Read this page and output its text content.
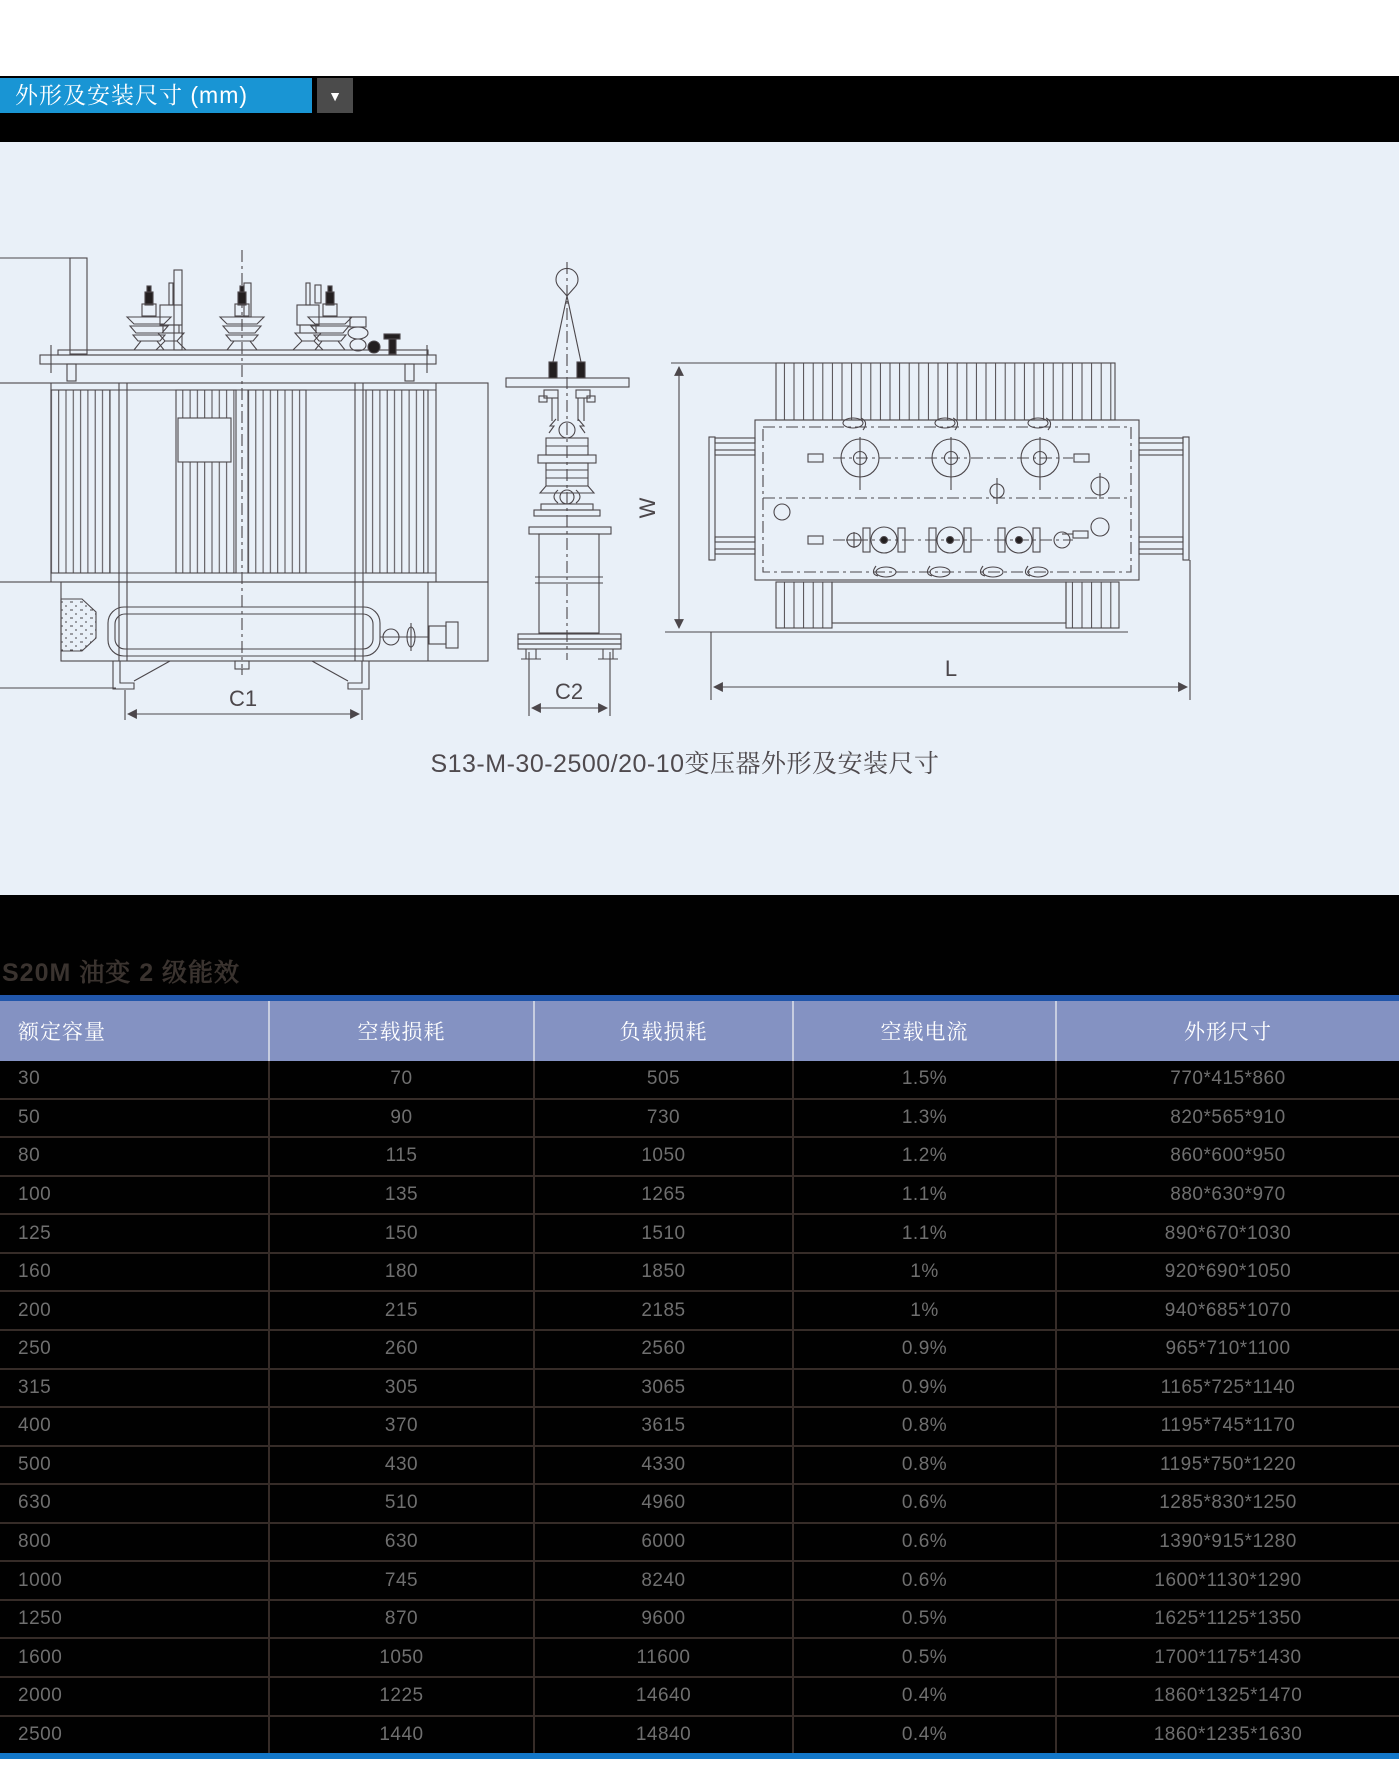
外形及安装尺寸 (mm)	▼
C1	C2
W
L
S13-M-30-2500/20-10变压器外形及安装尺寸
S20M 油变 2 级能效
额定容量	空载损耗	负载损耗	空载电流	外形尺寸
30	70	505	1.5%	770*415*860
50	90	730	1.3%	820*565*910
80	115	1050	1.2%	860*600*950
100	135	1265	1.1%	880*630*970
125	150	1510	1.1%	890*670*1030
160	180	1850	1%	920*690*1050
200	215	2185	1%	940*685*1070
250	260	2560	0.9%	965*710*1100
315	305	3065	0.9%	1165*725*1140
400	370	3615	0.8%	1195*745*1170
500	430	4330	0.8%	1195*750*1220
630	510	4960	0.6%	1285*830*1250
800	630	6000	0.6%	1390*915*1280
1000	745	8240	0.6%	1600*1130*1290
1250	870	9600	0.5%	1625*1125*1350
1600	1050	11600	0.5%	1700*1175*1430
2000	1225	14640	0.4%	1860*1325*1470
2500	1440	14840	0.4%	1860*1235*1630
